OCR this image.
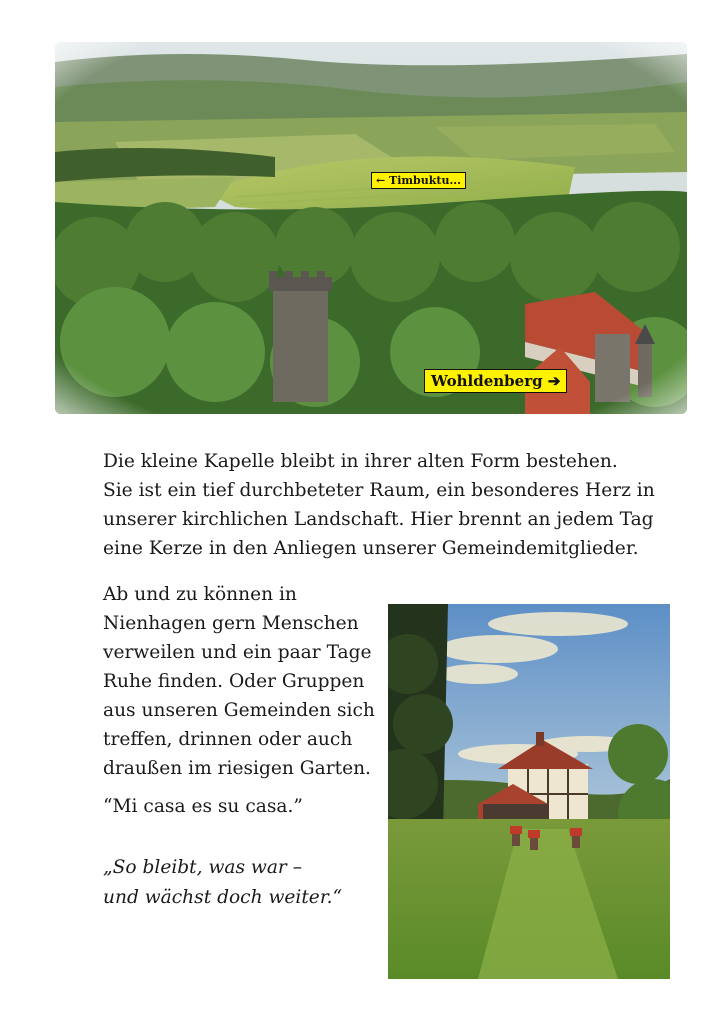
← Timbuktu...
Wohldenberg ➔
Die kleine Kapelle bleibt in ihrer alten Form bestehen.
Sie ist ein tief durchbeteter Raum, ein besonderes Herz in
unserer kirchlichen Landschaft. Hier brennt an jedem Tag
eine Kerze in den Anliegen unserer Gemeindemitglieder.
Ab und zu können in
Nienhagen gern Menschen
verweilen und ein paar Tage
Ruhe finden. Oder Gruppen
aus unseren Gemeinden sich
treffen, drinnen oder auch
draußen im riesigen Garten.
“Mi casa es su casa.”
„So bleibt, was war –
und wächst doch weiter.“
